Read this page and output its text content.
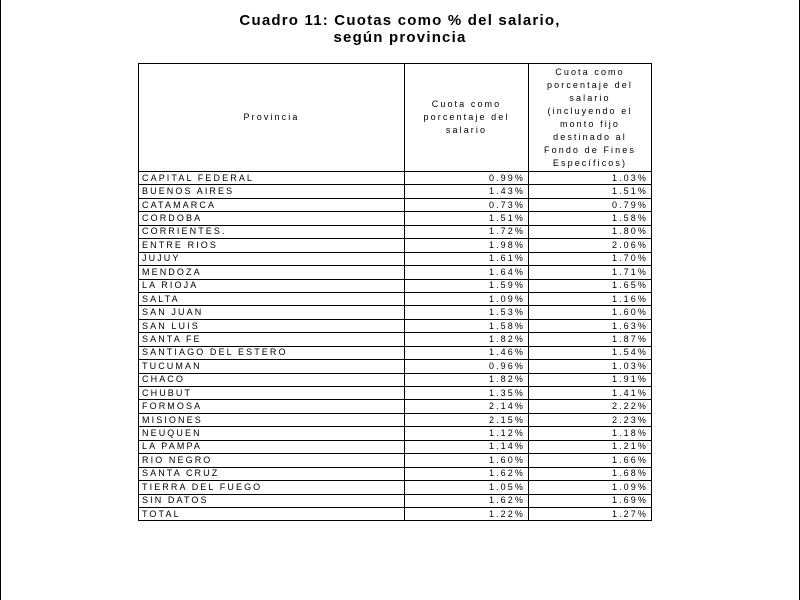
Cuadro 11: Cuotas como % del salario,
según provincia
Provincia	Cuota como porcentaje del salario	Cuota como porcentaje del salario (incluyendo el monto fijo destinado al Fondo de Fines Específicos)
CAPITAL FEDERAL	0.99%	1.03%
BUENOS AIRES	1.43%	1.51%
CATAMARCA	0.73%	0.79%
CORDOBA	1.51%	1.58%
CORRIENTES.	1.72%	1.80%
ENTRE RIOS	1.98%	2.06%
JUJUY	1.61%	1.70%
MENDOZA	1.64%	1.71%
LA RIOJA	1.59%	1.65%
SALTA	1.09%	1.16%
SAN JUAN	1.53%	1.60%
SAN LUIS	1.58%	1.63%
SANTA FE	1.82%	1.87%
SANTIAGO DEL ESTERO	1.46%	1.54%
TUCUMAN	0.96%	1.03%
CHACO	1.82%	1.91%
CHUBUT	1.35%	1.41%
FORMOSA	2.14%	2.22%
MISIONES	2.15%	2.23%
NEUQUEN	1.12%	1.18%
LA PAMPA	1.14%	1.21%
RIO NEGRO	1.60%	1.66%
SANTA CRUZ	1.62%	1.68%
TIERRA DEL FUEGO	1.05%	1.09%
SIN DATOS	1.62%	1.69%
TOTAL	1.22%	1.27%
